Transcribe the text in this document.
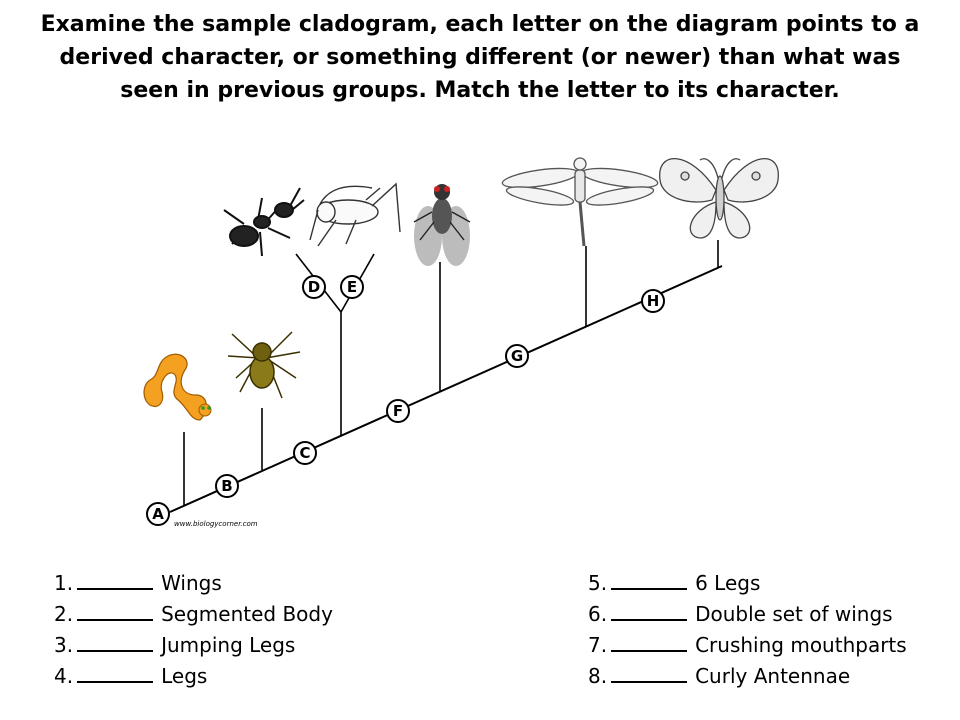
Examine the sample cladogram, each letter on the diagram points to a
derived character, or something different (or newer) than what was
seen in previous groups. Match the letter to its character.
A
B
C
D E
F
G
H
www.biologycorner.com
1.	Wings
2.	Segmented Body
3.	Jumping Legs
4.	Legs
5.	6 Legs
6.	Double set of wings
7.	Crushing mouthparts
8.	Curly Antennae
